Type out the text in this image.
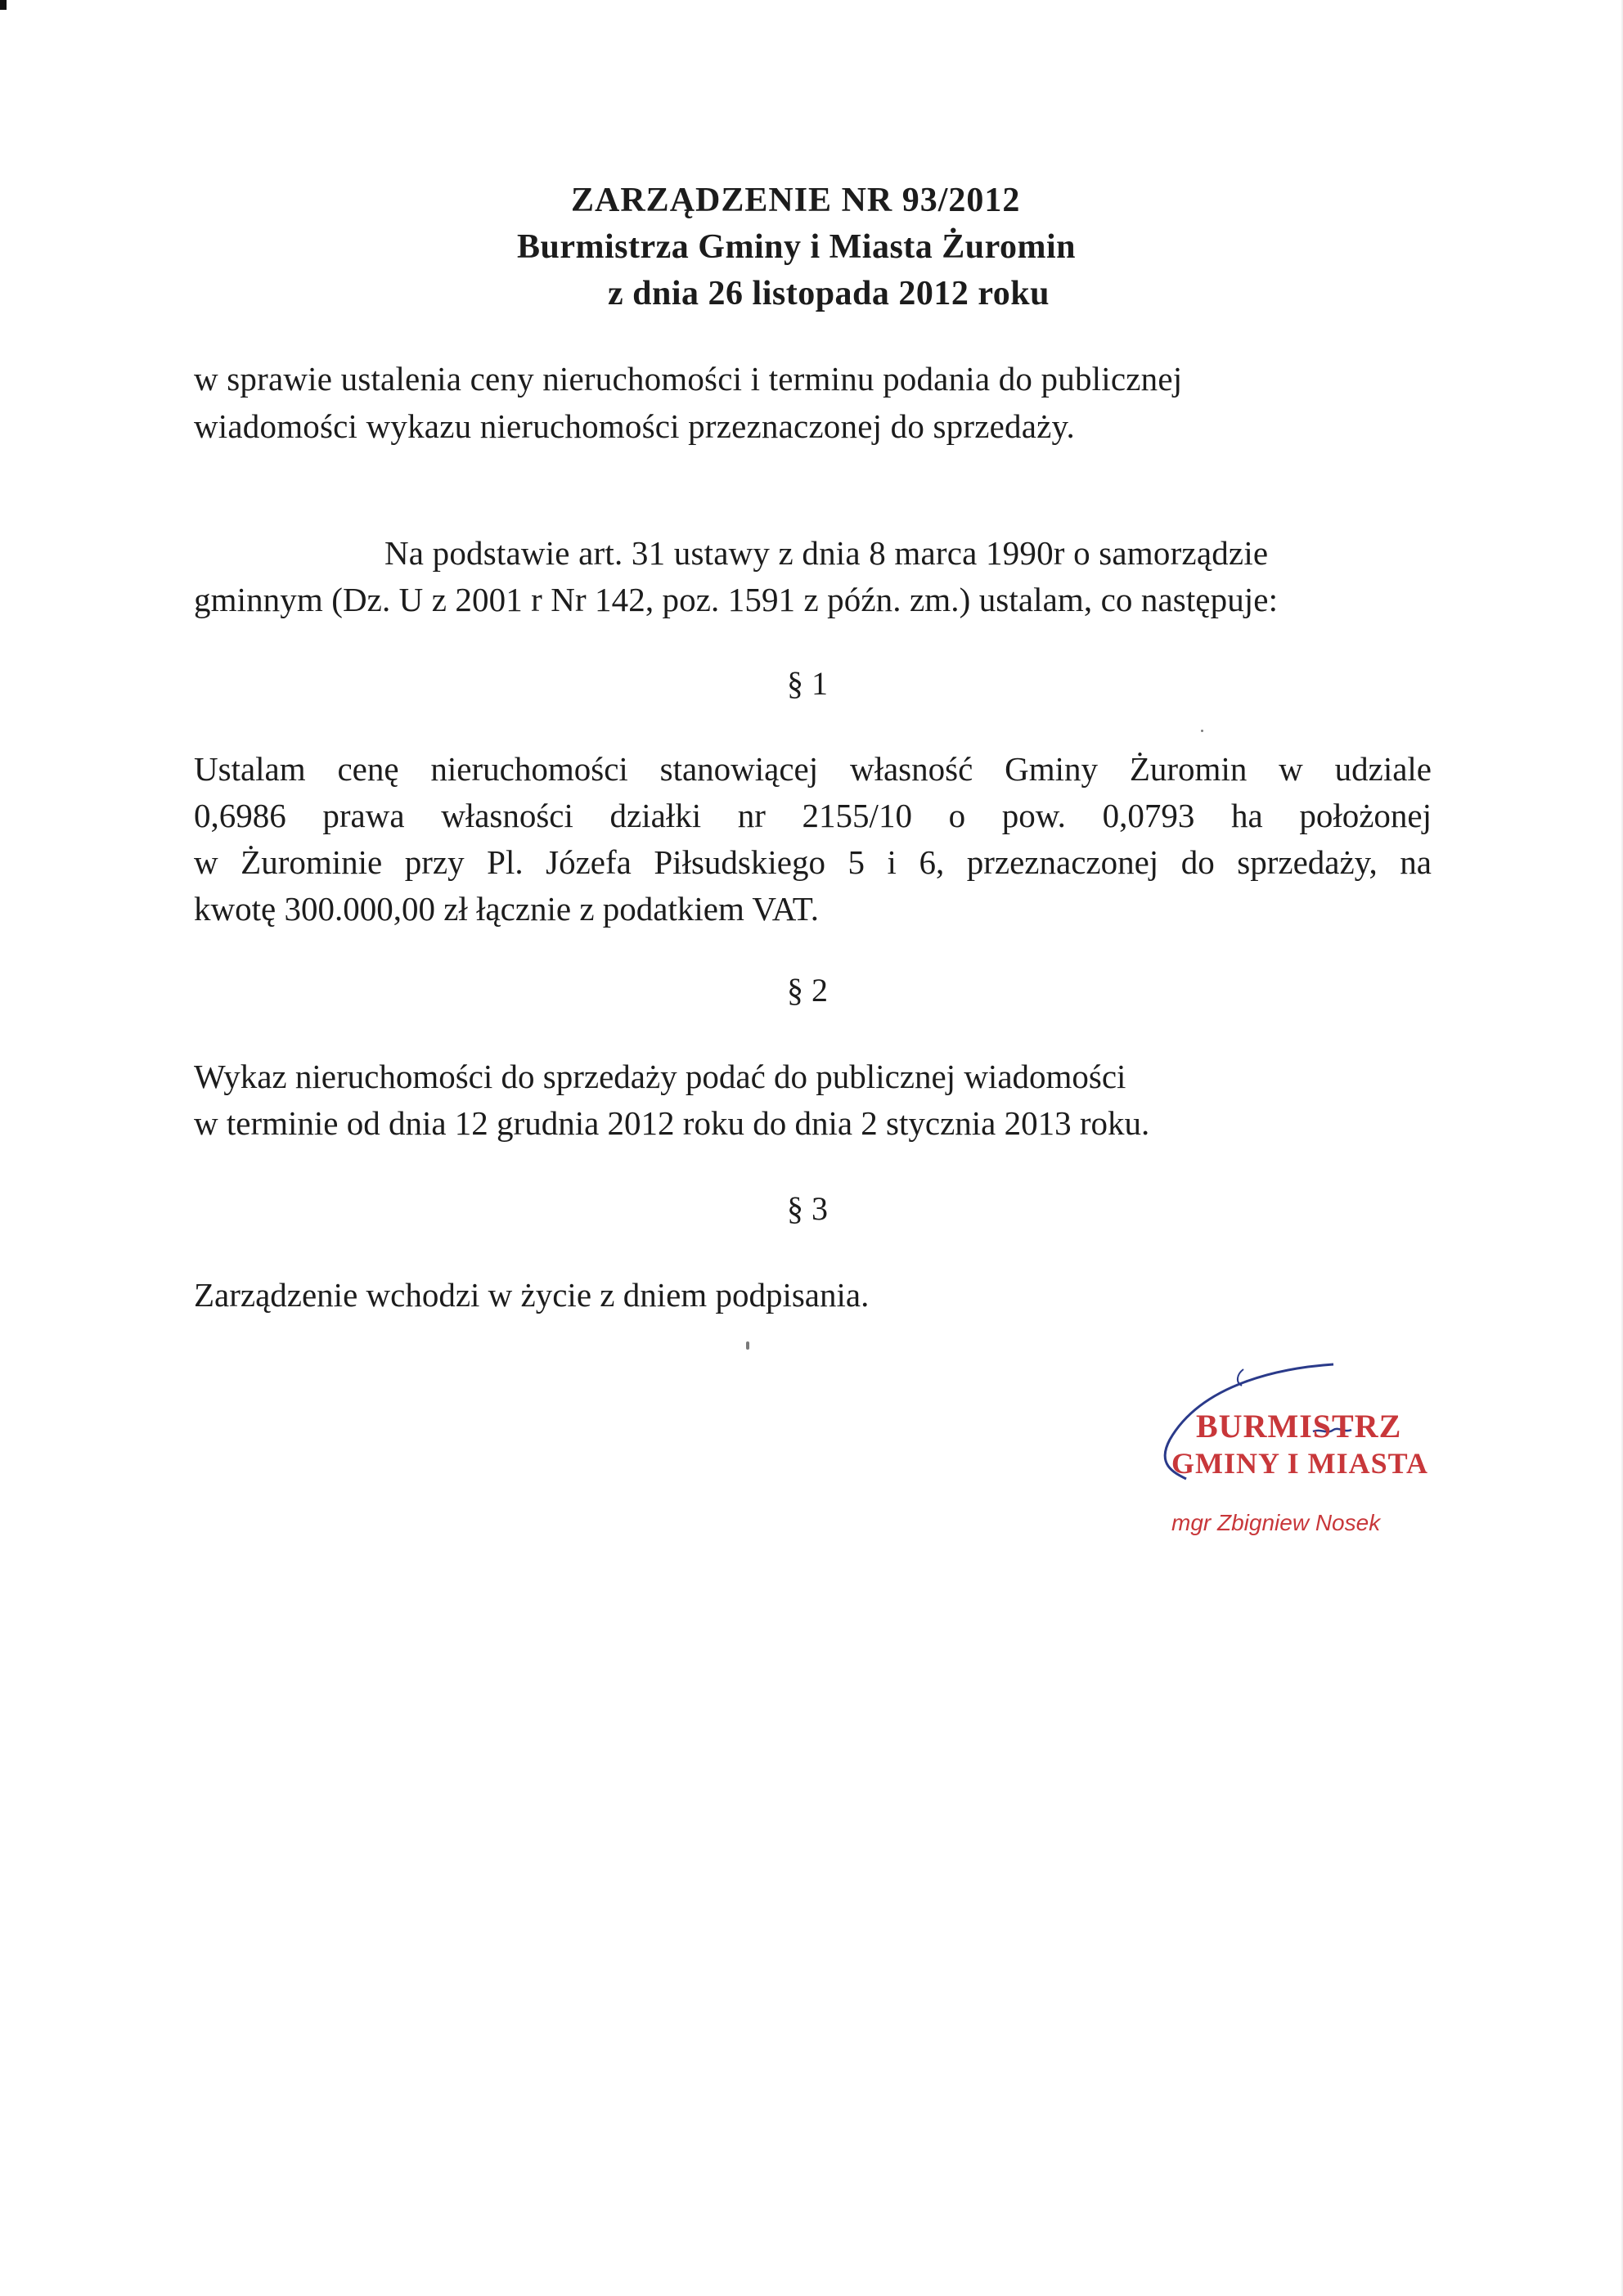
ZARZĄDZENIE NR 93/2012
Burmistrza Gminy i Miasta Żuromin
z dnia 26 listopada 2012 roku
w sprawie ustalenia ceny nieruchomości i terminu podania do publicznej
wiadomości wykazu nieruchomości przeznaczonej do sprzedaży.
Na podstawie art. 31 ustawy z dnia 8 marca 1990r o samorządzie
gminnym (Dz. U z 2001 r Nr 142, poz. 1591 z późn. zm.) ustalam, co następuje:
§ 1
Ustalam cenę nieruchomości stanowiącej własność Gminy Żuromin w udziale
0,6986 prawa własności działki nr 2155/10 o pow. 0,0793 ha położonej
w Żurominie przy Pl. Józefa Piłsudskiego 5 i 6, przeznaczonej do sprzedaży, na
kwotę 300.000,00 zł łącznie z podatkiem VAT.
§ 2
Wykaz nieruchomości do sprzedaży podać do publicznej wiadomości
w terminie od dnia 12 grudnia 2012 roku do dnia 2 stycznia 2013 roku.
§ 3
Zarządzenie wchodzi w życie z dniem podpisania.
BURMISTRZ
GMINY I MIASTA
mgr Zbigniew Nosek
